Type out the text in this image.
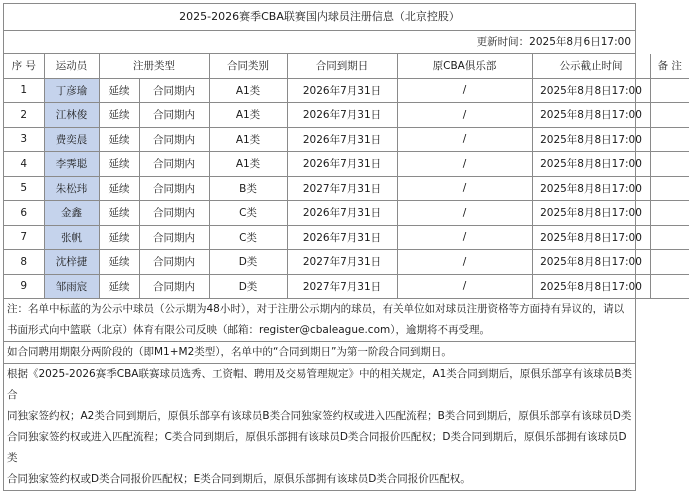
2025-2026赛季CBA联赛国内球员注册信息（北京控股）
更新时间：2025年8月6日17:00
序 号	运动员	注册类型		合同类别	合同到期日	原CBA俱乐部	公示截止时间	备 注
1	丁彦瑜	延续	合同期内	A1类	2026年7月31日	/	2025年8月8日17:00	
2	江林俊	延续	合同期内	A1类	2026年7月31日	/	2025年8月8日17:00	
3	费奕晨	延续	合同期内	A1类	2026年7月31日	/	2025年8月8日17:00	
4	李霁聪	延续	合同期内	A1类	2026年7月31日	/	2025年8月8日17:00	
5	朱松玮	延续	合同期内	B类	2027年7月31日	/	2025年8月8日17:00	
6	金鑫	延续	合同期内	C类	2026年7月31日	/	2025年8月8日17:00	
7	张帆	延续	合同期内	C类	2026年7月31日	/	2025年8月8日17:00	
8	沈梓捷	延续	合同期内	D类	2027年7月31日	/	2025年8月8日17:00	
9	邹雨宸	延续	合同期内	D类	2027年7月31日	/	2025年8月8日17:00	
注：名单中标蓝的为公示中球员（公示期为48小时），对于注册公示期内的球员，有关单位如对球员注册资格等方面持有异议的，请以
书面形式向中篮联（北京）体育有限公司反映（邮箱：register@cbaleague.com），逾期将不再受理。
如合同聘用期限分两阶段的（即M1+M2类型），名单中的“合同到期日”为第一阶段合同到期日。
根据《2025-2026赛季CBA联赛球员选秀、工资帽、聘用及交易管理规定》中的相关规定，A1类合同到期后，原俱乐部享有该球员B类合
同独家签约权；A2类合同到期后，原俱乐部享有该球员B类合同独家签约权或进入匹配流程；B类合同到期后，原俱乐部享有该球员D类
合同独家签约权或进入匹配流程；C类合同到期后，原俱乐部拥有该球员D类合同报价匹配权；D类合同到期后，原俱乐部拥有该球员D类
合同独家签约权或D类合同报价匹配权；E类合同到期后，原俱乐部拥有该球员D类合同报价匹配权。
